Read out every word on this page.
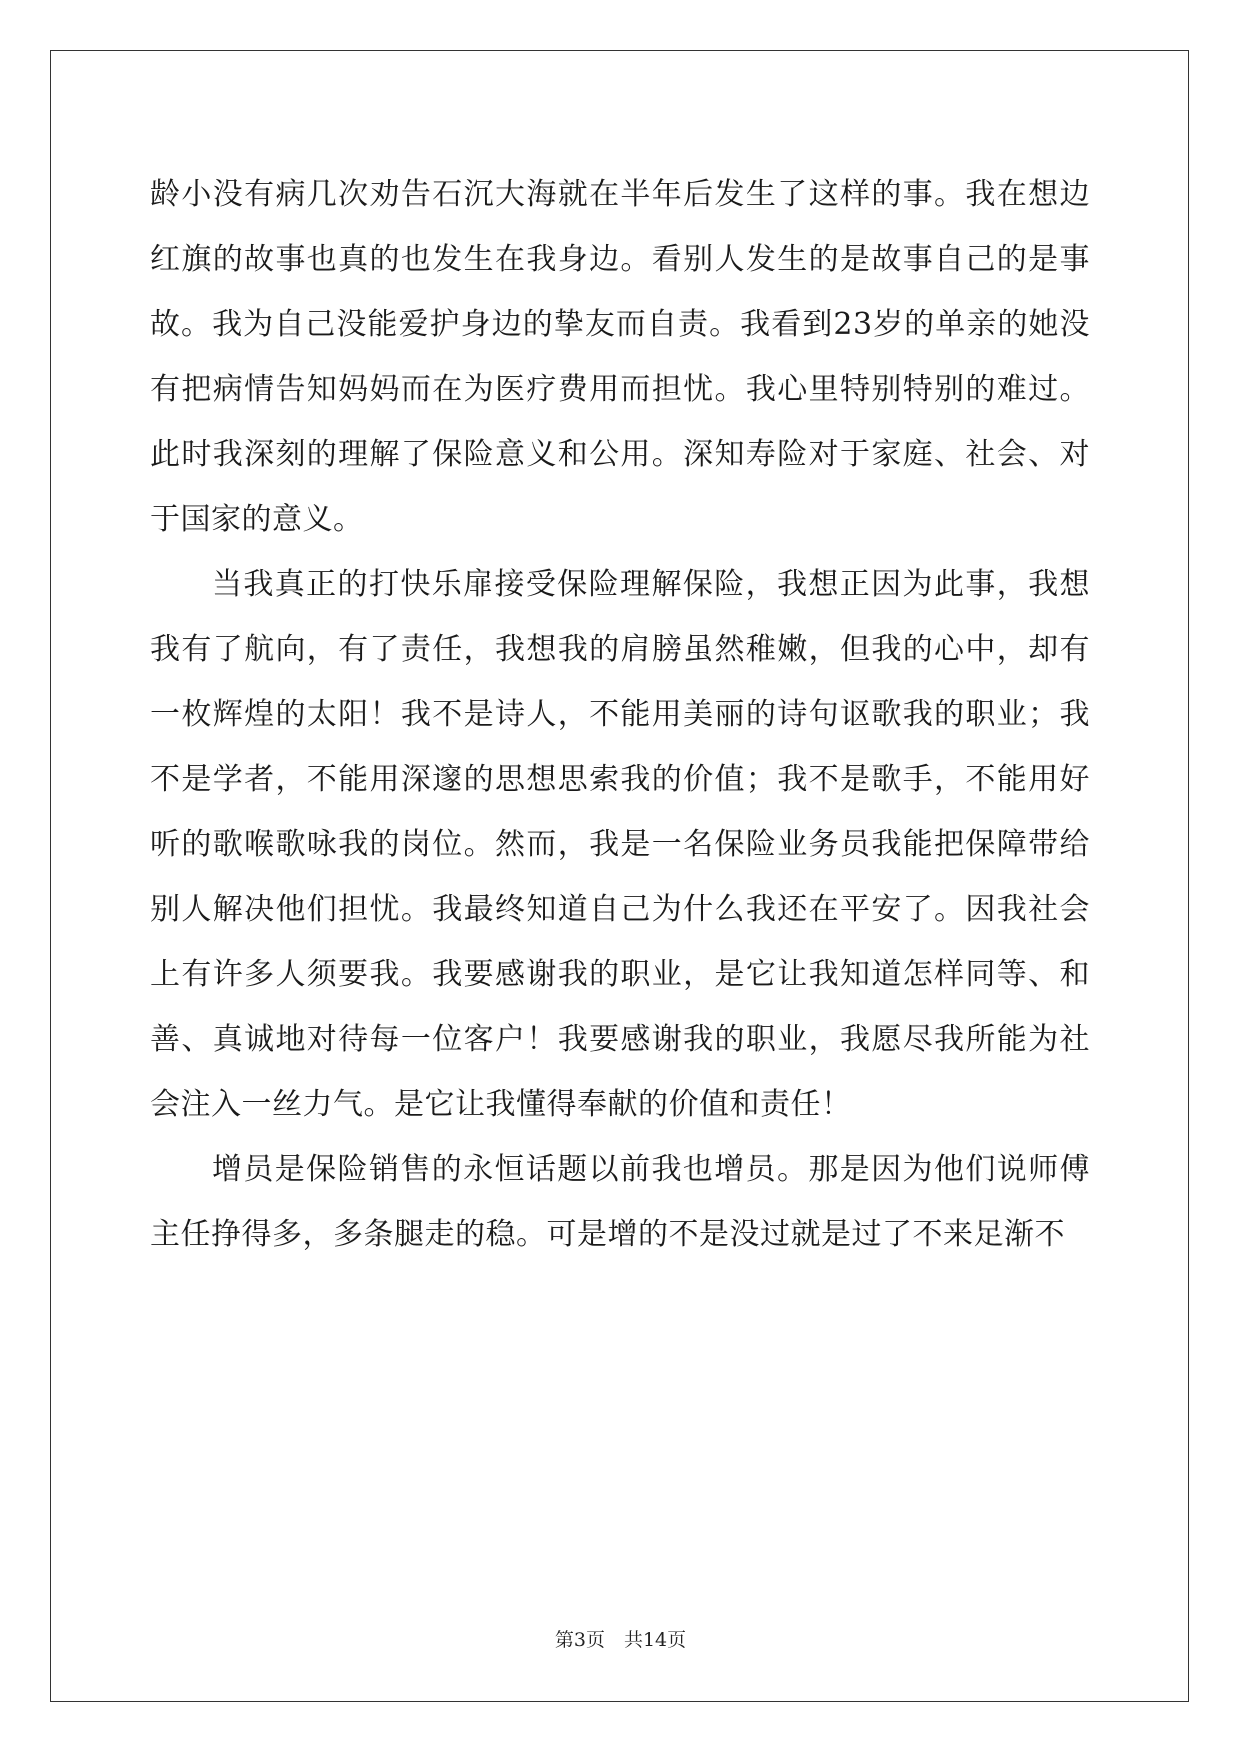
龄小没有病几次劝告石沉大海就在半年后发生了这样的事。我在想边红旗的故事也真的也发生在我身边。看别人发生的是故事自己的是事故。我为自己没能爱护身边的挚友而自责。我看到23岁的单亲的她没有把病情告知妈妈而在为医疗费用而担忧。我心里特别特别的难过。此时我深刻的理解了保险意义和公用。深知寿险对于家庭、社会、对于国家的意义。

当我真正的打快乐扉接受保险理解保险，我想正因为此事，我想我有了航向，有了责任，我想我的肩膀虽然稚嫩，但我的心中，却有一枚辉煌的太阳！我不是诗人，不能用美丽的诗句讴歌我的职业；我不是学者，不能用深邃的思想思索我的价值；我不是歌手，不能用好听的歌喉歌咏我的岗位。然而，我是一名保险业务员我能把保障带给别人解决他们担忧。我最终知道自己为什么我还在平安了。因我社会上有许多人须要我。我要感谢我的职业，是它让我知道怎样同等、和善、真诚地对待每一位客户！我要感谢我的职业，我愿尽我所能为社会注入一丝力气。是它让我懂得奉献的价值和责任！

增员是保险销售的永恒话题以前我也增员。那是因为他们说师傅主任挣得多，多条腿走的稳。可是增的不是没过就是过了不来足渐不

第3页　共14页
